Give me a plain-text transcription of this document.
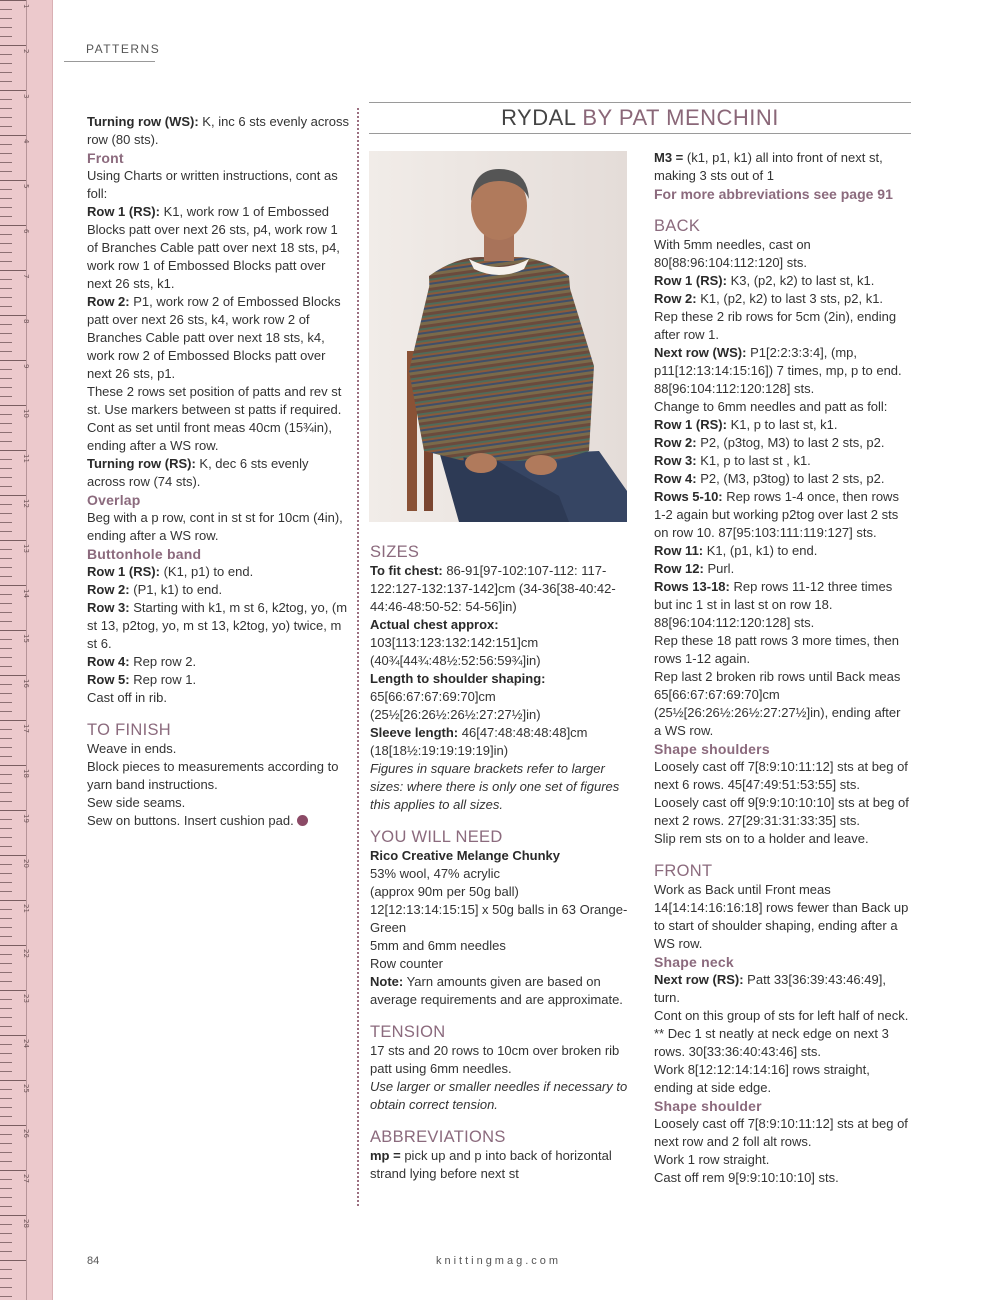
1
2
3
4
5
6
7
8
9
10
11
12
13
14
15
16
17
18
19
20
21
22
23
24
25
26
27
28
PATTERNS
RYDAL BY PAT MENCHINI

Turning row (WS): K, inc 6 sts evenly across row (80 sts).

Front

Using Charts or written instructions, cont as foll:

Row 1 (RS): K1, work row 1 of Embossed Blocks patt over next 26 sts, p4, work row 1 of Branches Cable patt over next 18 sts, p4, work row 1 of Embossed Blocks patt over next 26 sts, k1.

Row 2: P1, work row 2 of Embossed Blocks patt over next 26 sts, k4, work row 2 of Branches Cable patt over next 18 sts, k4, work row 2 of Embossed Blocks patt over next 26 sts, p1.

These 2 rows set position of patts and rev st st. Use markers between st patts if required.

Cont as set until front meas 40cm (15¾in), ending after a WS row.

Turning row (RS): K, dec 6 sts evenly across row (74 sts).

Overlap

Beg with a p row, cont in st st for 10cm (4in), ending after a WS row.

Buttonhole band

Row 1 (RS): (K1, p1) to end.

Row 2: (P1, k1) to end.

Row 3: Starting with k1, m st 6, k2tog, yo, (m st 13, p2tog, yo, m st 13, k2tog, yo) twice, m st 6.

Row 4: Rep row 2.

Row 5: Rep row 1.

Cast off in rib.

TO FINISH

Weave in ends.

Block pieces to measurements according to yarn band instructions.

Sew side seams.

Sew on buttons. Insert cushion pad.

SIZES

To fit chest: 86-91[97-102:107-112: 117-122:127-132:137-142]cm (34-36[38-40:42-44:46-48:50-52: 54-56]in)

Actual chest approx:

103[113:123:132:142:151]cm (40¾[44¾:48½:52:56:59¾]in)

Length to shoulder shaping:

65[66:67:67:69:70]cm (25½[26:26½:26½:27:27½]in)

Sleeve length: 46[47:48:48:48:48]cm (18[18½:19:19:19:19]in)

Figures in square brackets refer to larger sizes: where there is only one set of figures this applies to all sizes.

YOU WILL NEED

Rico Creative Melange Chunky

53% wool, 47% acrylic

(approx 90m per 50g ball)

12[12:13:14:15:15] x 50g balls in 63 Orange-Green

5mm and 6mm needles

Row counter

Note: Yarn amounts given are based on average requirements and are approximate.

TENSION

17 sts and 20 rows to 10cm over broken rib patt using 6mm needles.

Use larger or smaller needles if necessary to obtain correct tension.

ABBREVIATIONS

mp = pick up and p into back of horizontal strand lying before next st

M3 = (k1, p1, k1) all into front of next st, making 3 sts out of 1

For more abbreviations see page 91

BACK

With 5mm needles, cast on 80[88:96:104:112:120] sts.

Row 1 (RS): K3, (p2, k2) to last st, k1.

Row 2: K1, (p2, k2) to last 3 sts, p2, k1.

Rep these 2 rib rows for 5cm (2in), ending after row 1.

Next row (WS): P1[2:2:3:3:4], (mp, p11[12:13:14:15:16]) 7 times, mp, p to end. 88[96:104:112:120:128] sts.

Change to 6mm needles and patt as foll:

Row 1 (RS): K1, p to last st, k1.

Row 2: P2, (p3tog, M3) to last 2 sts, p2.

Row 3: K1, p to last st , k1.

Row 4: P2, (M3, p3tog) to last 2 sts, p2.

Rows 5-10: Rep rows 1-4 once, then rows 1-2 again but working p2tog over last 2 sts on row 10. 87[95:103:111:119:127] sts.

Row 11: K1, (p1, k1) to end.

Row 12: Purl.

Rows 13-18: Rep rows 11-12 three times but inc 1 st in last st on row 18. 88[96:104:112:120:128] sts.

Rep these 18 patt rows 3 more times, then rows 1-12 again.

Rep last 2 broken rib rows until Back meas 65[66:67:67:69:70]cm (25½[26:26½:26½:27:27½]in), ending after a WS row.

Shape shoulders

Loosely cast off 7[8:9:10:11:12] sts at beg of next 6 rows. 45[47:49:51:53:55] sts.

Loosely cast off 9[9:9:10:10:10] sts at beg of next 2 rows. 27[29:31:31:33:35] sts.

Slip rem sts on to a holder and leave.

FRONT

Work as Back until Front meas 14[14:14:16:16:18] rows fewer than Back up to start of shoulder shaping, ending after a WS row.

Shape neck

Next row (RS): Patt 33[36:39:43:46:49], turn.

Cont on this group of sts for left half of neck.

** Dec 1 st neatly at neck edge on next 3 rows. 30[33:36:40:43:46] sts.

Work 8[12:12:14:14:16] rows straight, ending at side edge.

Shape shoulder

Loosely cast off 7[8:9:10:11:12] sts at beg of next row and 2 foll alt rows.

Work 1 row straight.

Cast off rem 9[9:9:10:10:10] sts.

84	knittingmag.com
